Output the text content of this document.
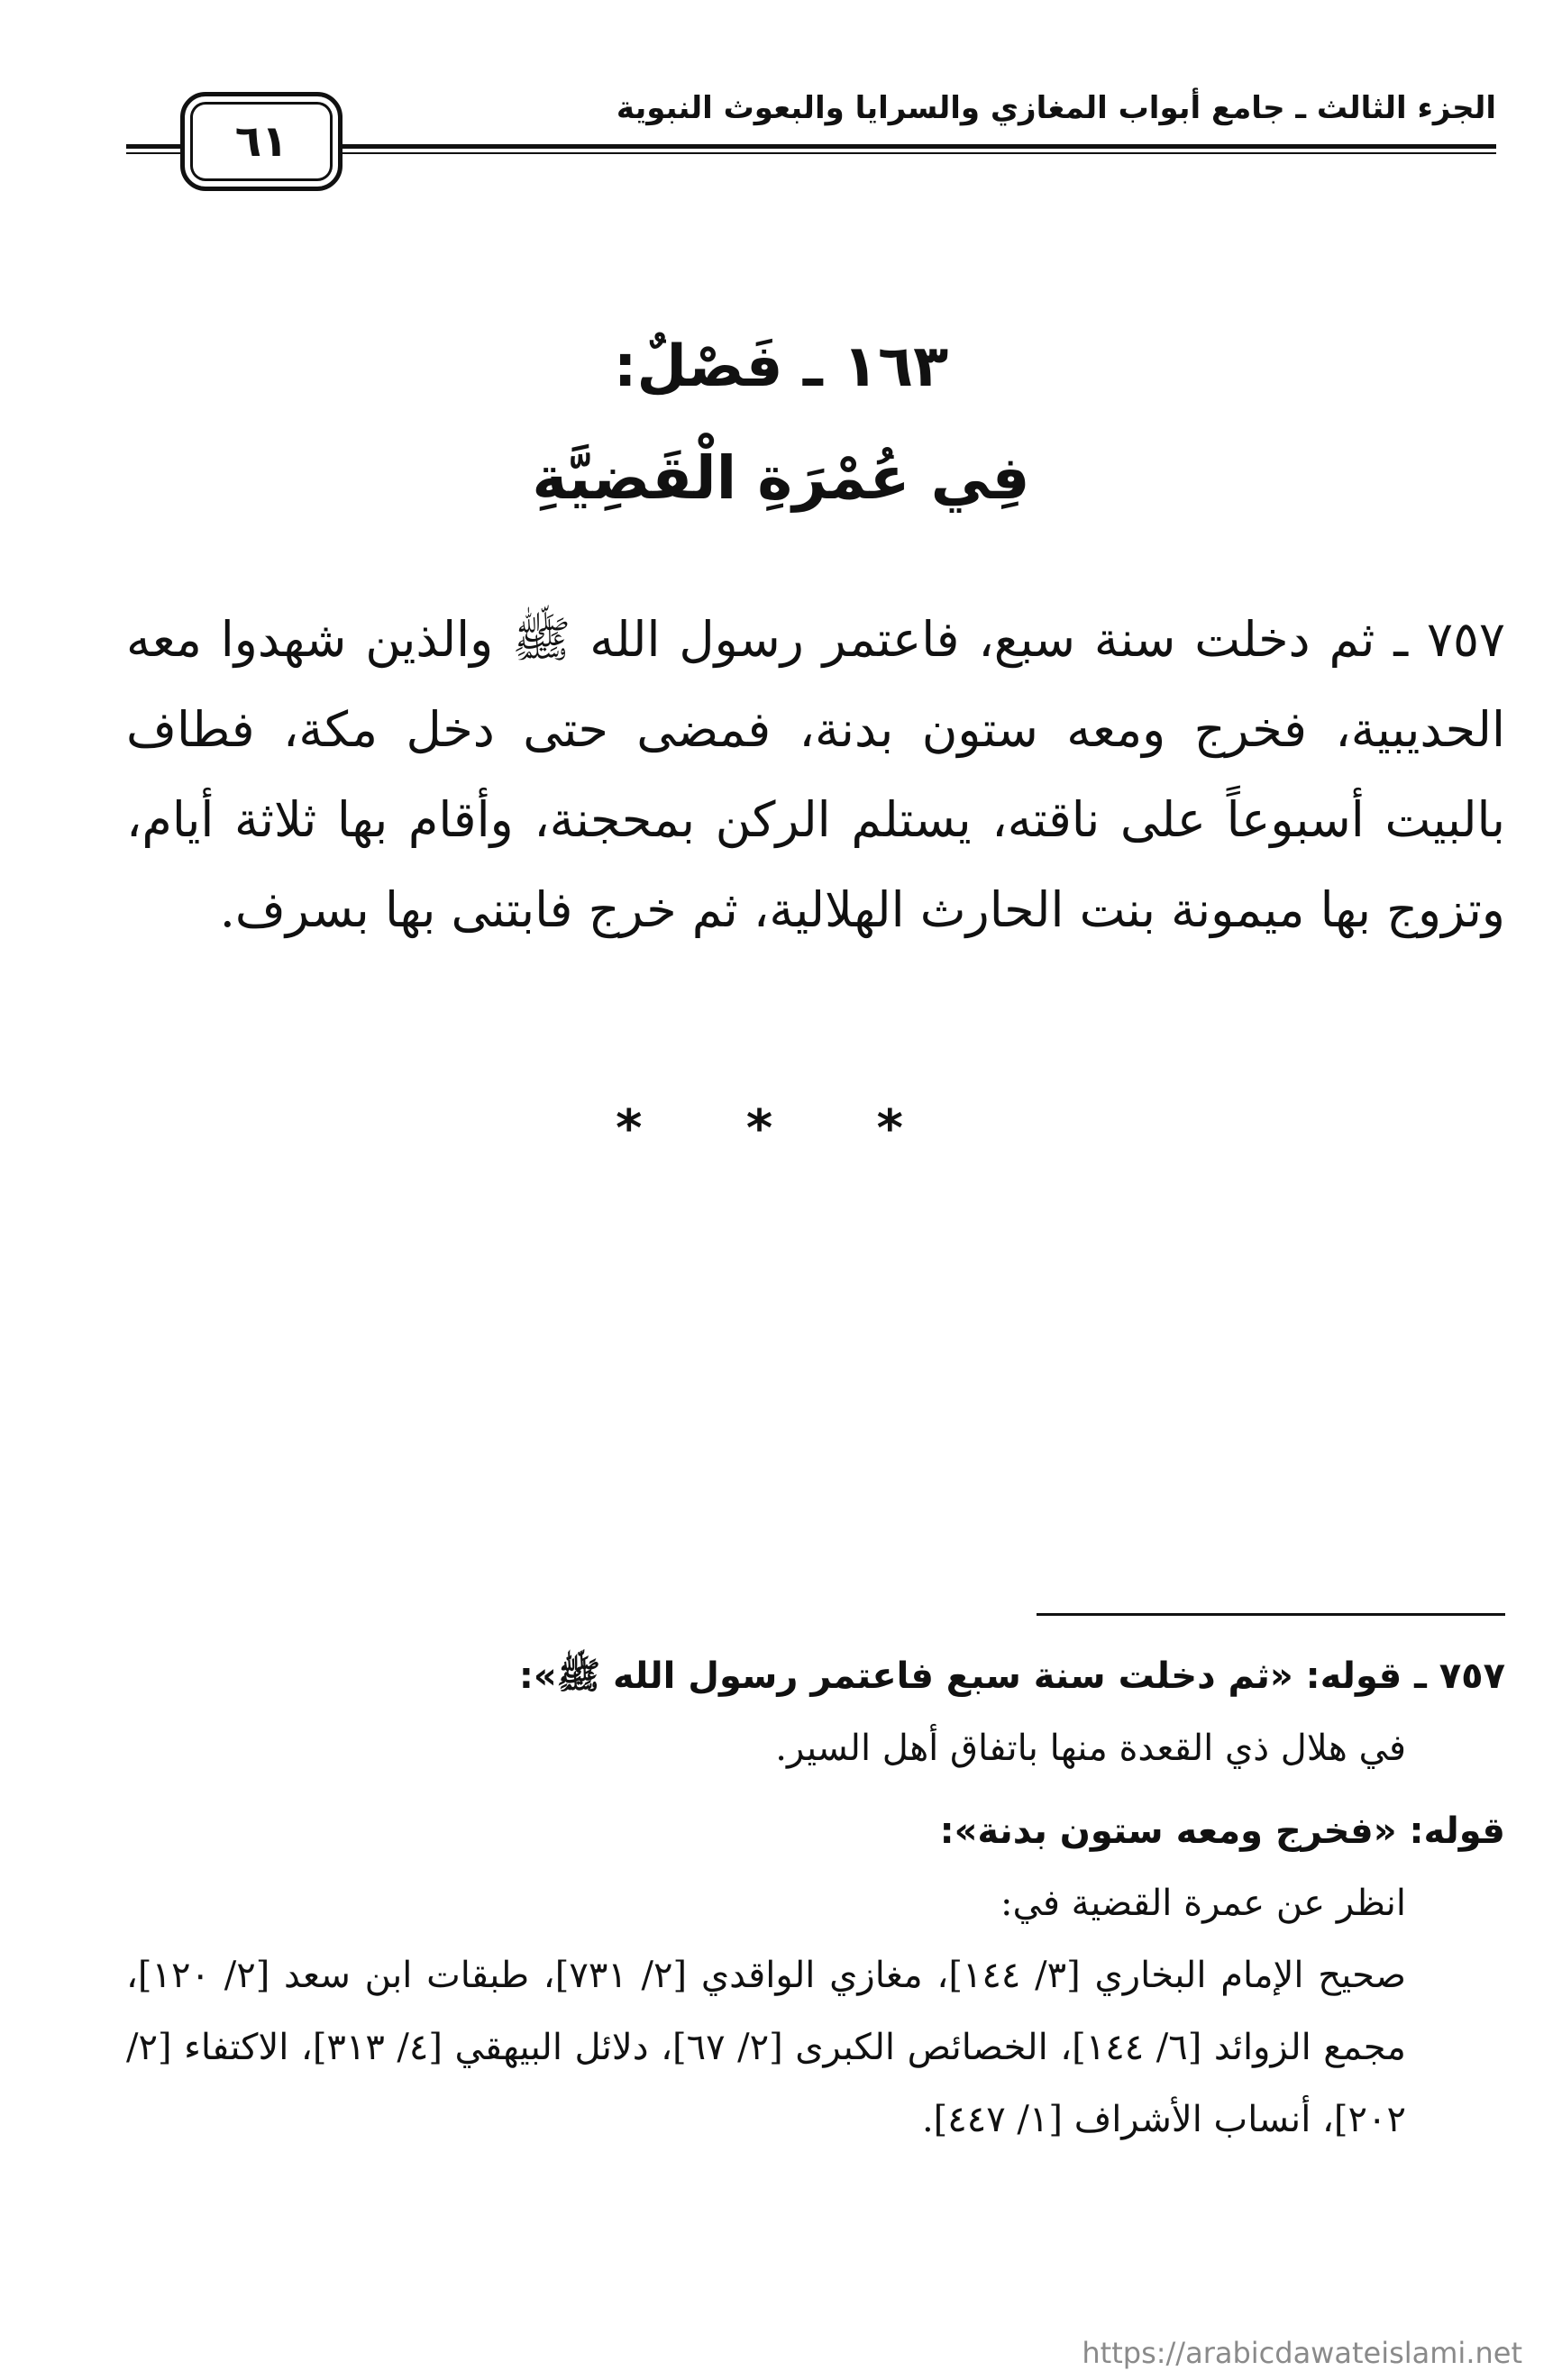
الجزء الثالث ـ جامع أبواب المغازي والسرايا والبعوث النبوية
٦١
١٦٣ ـ فَصْلٌ:
فِي عُمْرَةِ الْقَضِيَّةِ
٧٥٧ ـ ثم دخلت سنة سبع، فاعتمر رسول الله ﷺ والذين شهدوا معه الحديبية، فخرج ومعه ستون بدنة، فمضى حتى دخل مكة، فطاف بالبيت أسبوعاً على ناقته، يستلم الركن بمحجنة، وأقام بها ثلاثة أيام، وتزوج بها ميمونة بنت الحارث الهلالية، ثم خرج فابتنى بها بسرف.
* * *
٧٥٧ ـ قوله: «ثم دخلت سنة سبع فاعتمر رسول الله ﷺ»:
في هلال ذي القعدة منها باتفاق أهل السير.
قوله: «فخرج ومعه ستون بدنة»:
انظر عن عمرة القضية في:
صحيح الإمام البخاري [٣/ ١٤٤]، مغازي الواقدي [٢/ ٧٣١]، طبقات ابن سعد [٢/ ١٢٠]، مجمع الزوائد [٦/ ١٤٤]، الخصائص الكبرى [٢/ ٦٧]، دلائل البيهقي [٤/ ٣١٣]، الاكتفاء [٢/ ٢٠٢]، أنساب الأشراف [١/ ٤٤٧].
https://arabicdawateislami.net
